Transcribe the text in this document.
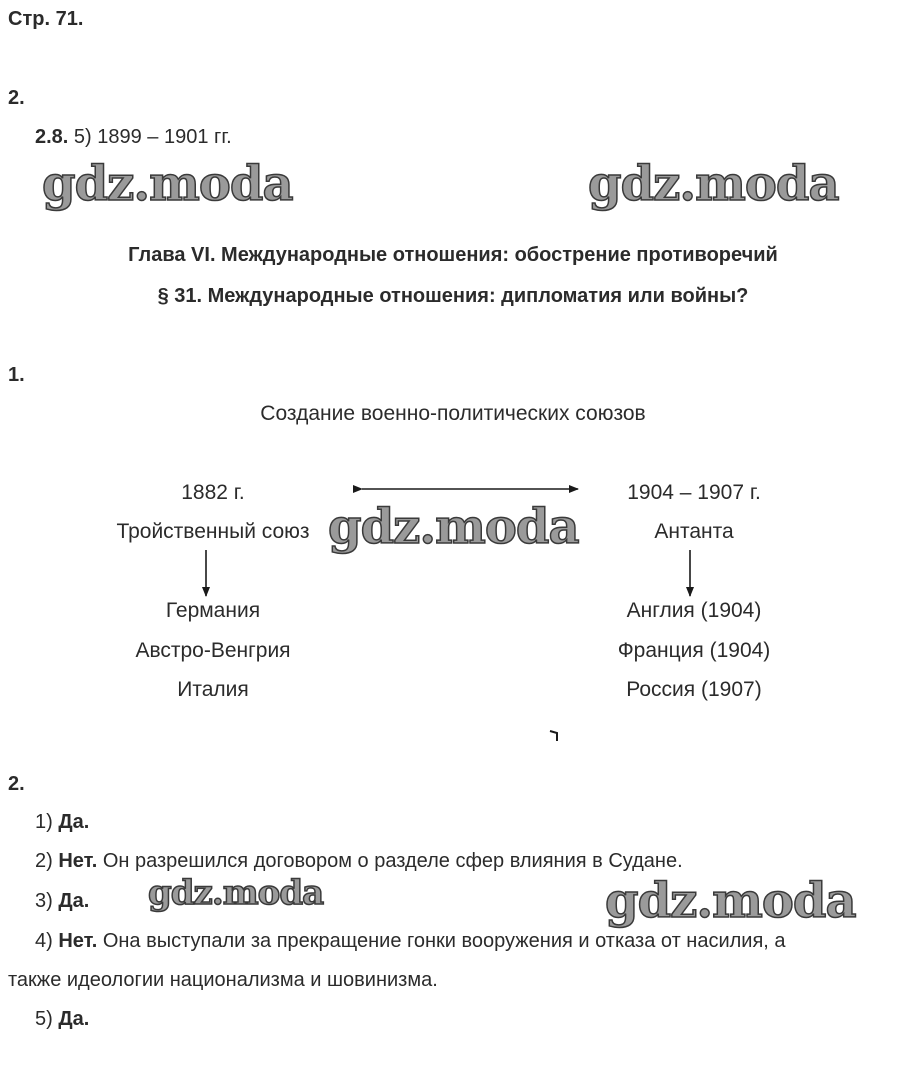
Стр. 71.
2.
2.8. 5) 1899 – 1901 гг.
gdz.moda	gdz.moda
Глава VI. Международные отношения: обострение противоречий
§ 31. Международные отношения: дипломатия или войны?
1.
Создание военно-политических союзов
1882 г.
Тройственный союз
Германия
Австро-Венгрия
Италия
1904 – 1907 г.
Антанта
Англия (1904)
Франция (1904)
Россия (1907)
gdz.moda
2.
1) Да.
2) Нет. Он разрешился договором о разделе сфер влияния в Судане.
3) Да. gdz.moda	gdz.moda
4) Нет. Она выступали за прекращение гонки вооружения и отказа от насилия, а
также идеологии национализма и шовинизма.
5) Да.
